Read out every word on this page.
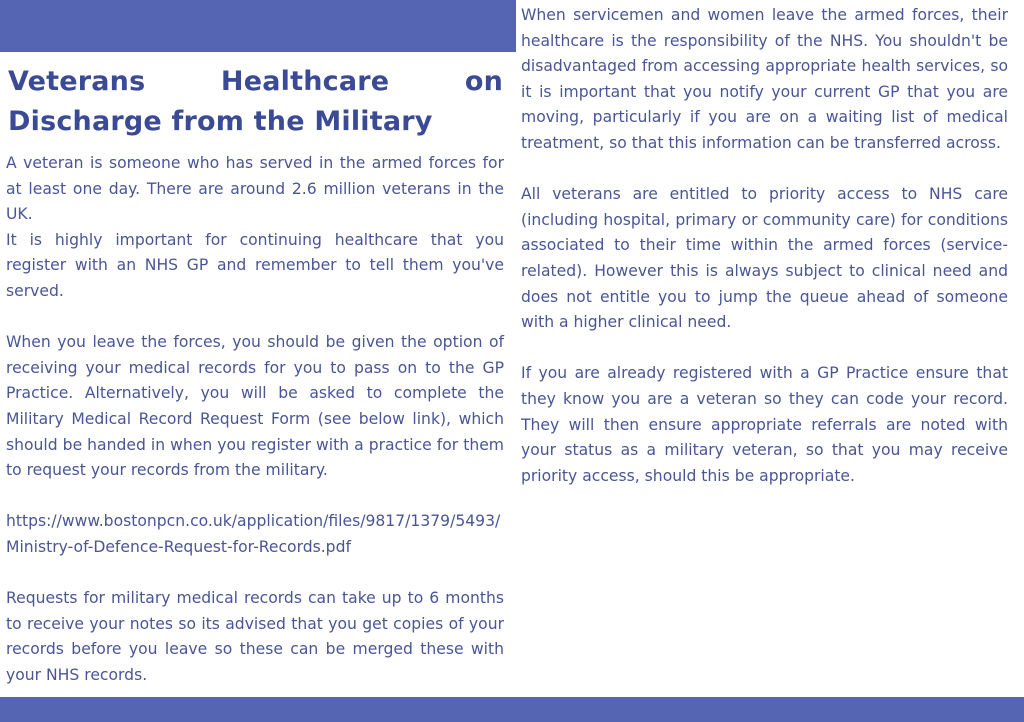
Veterans Healthcare on Discharge from the Military

A veteran is someone who has served in the armed forces for at least one day. There are around 2.6 million veterans in the UK.

It is highly important for continuing healthcare that you register with an NHS GP and remember to tell them you've served.

When you leave the forces, you should be given the option of receiving your medical records for you to pass on to the GP Practice. Alternatively, you will be asked to complete the Military Medical Record Request Form (see below link), which should be handed in when you register with a practice for them to request your records from the military.

https://www.bostonpcn.co.uk/application/files/9817/1379/5493/Ministry-of-Defence-Request-for-Records.pdf

Requests for military medical records can take up to 6 months to receive your notes so its advised that you get copies of your records before you leave so these can be merged these with your NHS records.

When servicemen and women leave the armed forces, their healthcare is the responsibility of the NHS. You shouldn't be disadvantaged from accessing appropriate health services, so it is important that you notify your current GP that you are moving, particularly if you are on a waiting list of medical treatment, so that this information can be transferred across.

All veterans are entitled to priority access to NHS care (including hospital, primary or community care) for conditions associated to their time within the armed forces (service-related). However this is always subject to clinical need and does not entitle you to jump the queue ahead of someone with a higher clinical need.

If you are already registered with a GP Practice ensure that they know you are a veteran so they can code your record. They will then ensure appropriate referrals are noted with your status as a military veteran, so that you may receive priority access, should this be appropriate.
